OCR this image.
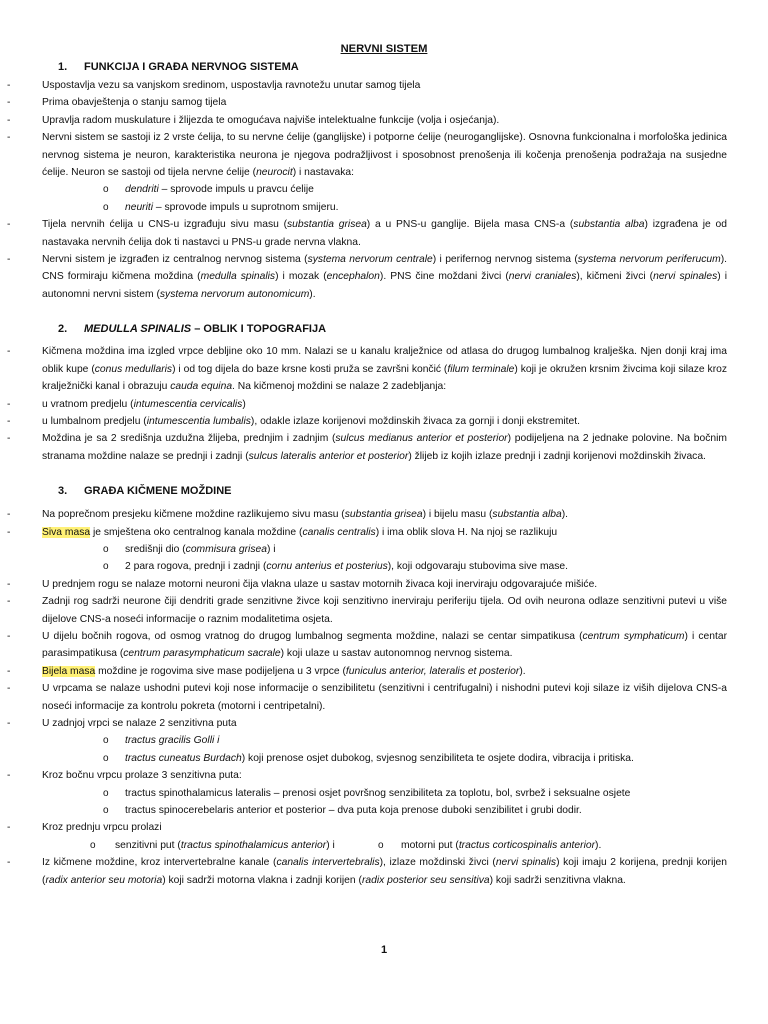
NERVNI SISTEM
1. FUNKCIJA I GRAĐA NERVNOG SISTEMA
-	Uspostavlja vezu sa vanjskom sredinom, uspostavlja ravnotežu unutar samog tijela
-	Prima obavještenja o stanju samog tijela
-	Upravlja radom muskulature i žlijezda te omogućava najviše intelektualne funkcije (volja i osjećanja).
-	Nervni sistem se sastoji iz 2 vrste ćelija, to su nervne ćelije (ganglijske) i potporne ćelije (neuroganglijske). Osnovna funkcionalna i morfološka jedinica nervnog sistema je neuron, karakteristika neurona je njegova podražljivost i sposobnost prenošenja ili kočenja prenošenja podražaja na susjedne ćelije. Neuron se sastoji od tijela nervne ćelije (neurocit) i nastavaka:
o dendriti – sprovode impuls u pravcu ćelije
o neuriti – sprovode impuls u suprotnom smijeru.
-	Tijela nervnih ćelija u CNS-u izgrađuju sivu masu (substantia grisea) a u PNS-u ganglije. Bijela masa CNS-a (substantia alba) izgrađena je od nastavaka nervnih ćelija dok ti nastavci u PNS-u grade nervna vlakna.
-	Nervni sistem je izgrađen iz centralnog nervnog sistema (systema nervorum centrale) i perifernog nervnog sistema (systema nervorum periferucum). CNS formiraju kičmena moždina (medulla spinalis) i mozak (encephalon). PNS čine moždani živci (nervi craniales), kičmeni živci (nervi spinales) i autonomni nervni sistem (systema nervorum autonomicum).
2. MEDULLA SPINALIS – OBLIK I TOPOGRAFIJA
-	Kičmena moždina ima izgled vrpce debljine oko 10 mm. Nalazi se u kanalu kralježnice od atlasa do drugog lumbalnog kralješka. Njen donji kraj ima oblik kupe (conus medullaris) i od tog dijela do baze krsne kosti pruža se završni končić (filum terminale) koji je okružen krsnim živcima koji silaze kroz kralježnički kanal i obrazuju cauda equina. Na kičmenoj moždini se nalaze 2 zadebljanja:
-	u vratnom predjelu (intumescentia cervicalis)
-	u lumbalnom predjelu (intumescentia lumbalis), odakle izlaze korijenovi moždinskih živaca za gornji i donji ekstremitet.
-	Moždina je sa 2 središnja uzdužna žlijeba, prednjim i zadnjim (sulcus medianus anterior et posterior) podijeljena na 2 jednake polovine. Na bočnim stranama moždine nalaze se prednji i zadnji (sulcus lateralis anterior et posterior) žlijeb iz kojih izlaze prednji i zadnji korijenovi moždinskih živaca.
3. GRAĐA KIČMENE MOŽDINE
-	Na poprečnom presjeku kičmene moždine razlikujemo sivu masu (substantia grisea) i bijelu masu (substantia alba).
-	Siva masa je smještena oko centralnog kanala moždine (canalis centralis) i ima oblik slova H. Na njoj se razlikuju
o središnji dio (commisura grisea) i
o 2 para rogova, prednji i zadnji (cornu anterius et posterius), koji odgovaraju stubovima sive mase.
-	U prednjem rogu se nalaze motorni neuroni čija vlakna ulaze u sastav motornih živaca koji inerviraju odgovarajuće mišiće.
-	Zadnji rog sadrži neurone čiji dendriti grade senzitivne živce koji senzitivno inerviraju periferiju tijela. Od ovih neurona odlaze senzitivni putevi u više dijelove CNS-a noseći informacije o raznim modalitetima osjeta.
-	U dijelu bočnih rogova, od osmog vratnog do drugog lumbalnog segmenta moždine, nalazi se centar simpatikusa (centrum symphaticum) i centar parasimpatikusa (centrum parasymphaticum sacrale) koji ulaze u sastav autonomnog nervnog sistema.
-	Bijela masa moždine je rogovima sive mase podijeljena u 3 vrpce (funiculus anterior, lateralis et posterior).
-	U vrpcama se nalaze ushodni putevi koji nose informacije o senzibilitetu (senzitivni i centrifugalni) i nishodni putevi koji silaze iz viših dijelova CNS-a noseći informacije za kontrolu pokreta (motorni i centripetalni).
-	U zadnjoj vrpci se nalaze 2 senzitivna puta
o tractus gracilis Golli i
o tractus cuneatus Burdach) koji prenose osjet dubokog, svjesnog senzibiliteta te osjete dodira, vibracija i pritiska.
-	Kroz bočnu vrpcu prolaze 3 senzitivna puta:
o tractus spinothalamicus lateralis – prenosi osjet površnog senzibiliteta za toplotu, bol, svrbež i seksualne osjete
o tractus spinocerebelaris anterior et posterior – dva puta koja prenose duboki senzibilitet i grubi dodir.
-	Kroz prednju vrpcu prolazi
o senzitivni put (tractus spinothalamicus anterior) i	o motorni put (tractus corticospinalis anterior).
-	Iz kičmene moždine, kroz intervertebralne kanale (canalis intervertebralis), izlaze moždinski živci (nervi spinalis) koji imaju 2 korijena, prednji korijen (radix anterior seu motoria) koji sadrži motorna vlakna i zadnji korijen (radix posterior seu sensitiva) koji sadrži senzitivna vlakna.
1
